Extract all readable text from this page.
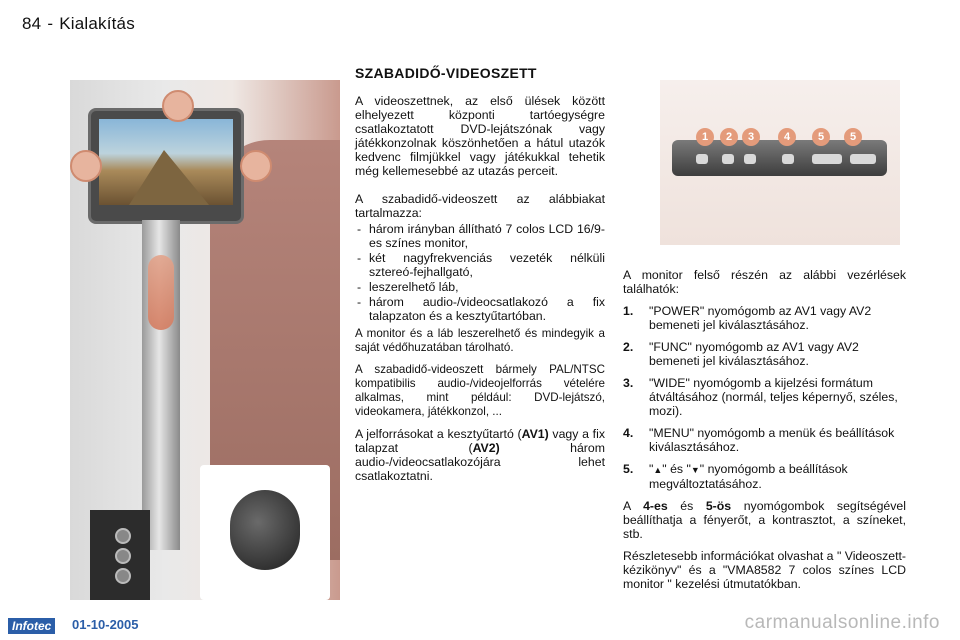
84 - Kialakítás
SZABADIDŐ-VIDEOSZETT

A videoszettnek, az első ülések között elhelyezett központi tartóegységre csatlakoztatott DVD-lejátszónak vagy játékkonzolnak köszönhetően a hátul utazók kedvenc filmjükkel vagy játékukkal tehetik még kellemesebbé az utazás perceit.

A szabadidő-videoszett az alábbiakat tartalmazza:

- három irányban állítható 7 colos LCD 16/9-es színes monitor,
- két nagyfrekvenciás vezeték nélküli sztereó-fejhallgató,
- leszerelhető láb,
- három audio-/videocsatlakozó a fix talapzaton és a kesztyűtartóban.

A monitor és a láb leszerelhető és mindegyik a saját védőhuzatában tárolható.

A szabadidő-videoszett bármely PAL/NTSC kompatibilis audio-/videojelforrás vételére alkalmas, mint például: DVD-lejátszó, videokamera, játékkonzol, ...

A jelforrásokat a kesztyűtartó (AV1) vagy a fix talapzat (AV2) három audio-/videocsatlakozójára lehet csatlakoztatni.

1	2	3	4	5	5

A monitor felső részén az alábbi vezérlések találhatók:

1.	"POWER" nyomógomb az AV1 vagy AV2 bemeneti jel kiválasztásához.
2.	"FUNC" nyomógomb az AV1 vagy AV2 bemeneti jel kiválasztásához.
3.	"WIDE" nyomógomb a kijelzési formátum átváltásához (normál, teljes képernyő, széles, mozi).
4.	"MENU" nyomógomb a menük és beállítások kiválasztásához.
5.	"▲" és "▼" nyomógomb a beállítások megváltoztatásához.

A 4-es és 5-ös nyomógombok segítségével beállíthatja a fényerőt, a kontrasztot, a színeket, stb.

Részletesebb információkat olvashat a " Videoszett-kézikönyv" és a "VMA8582 7 colos színes LCD monitor " kezelési útmutatókban.

Infotec	01-10-2005	carmanualsonline.info
